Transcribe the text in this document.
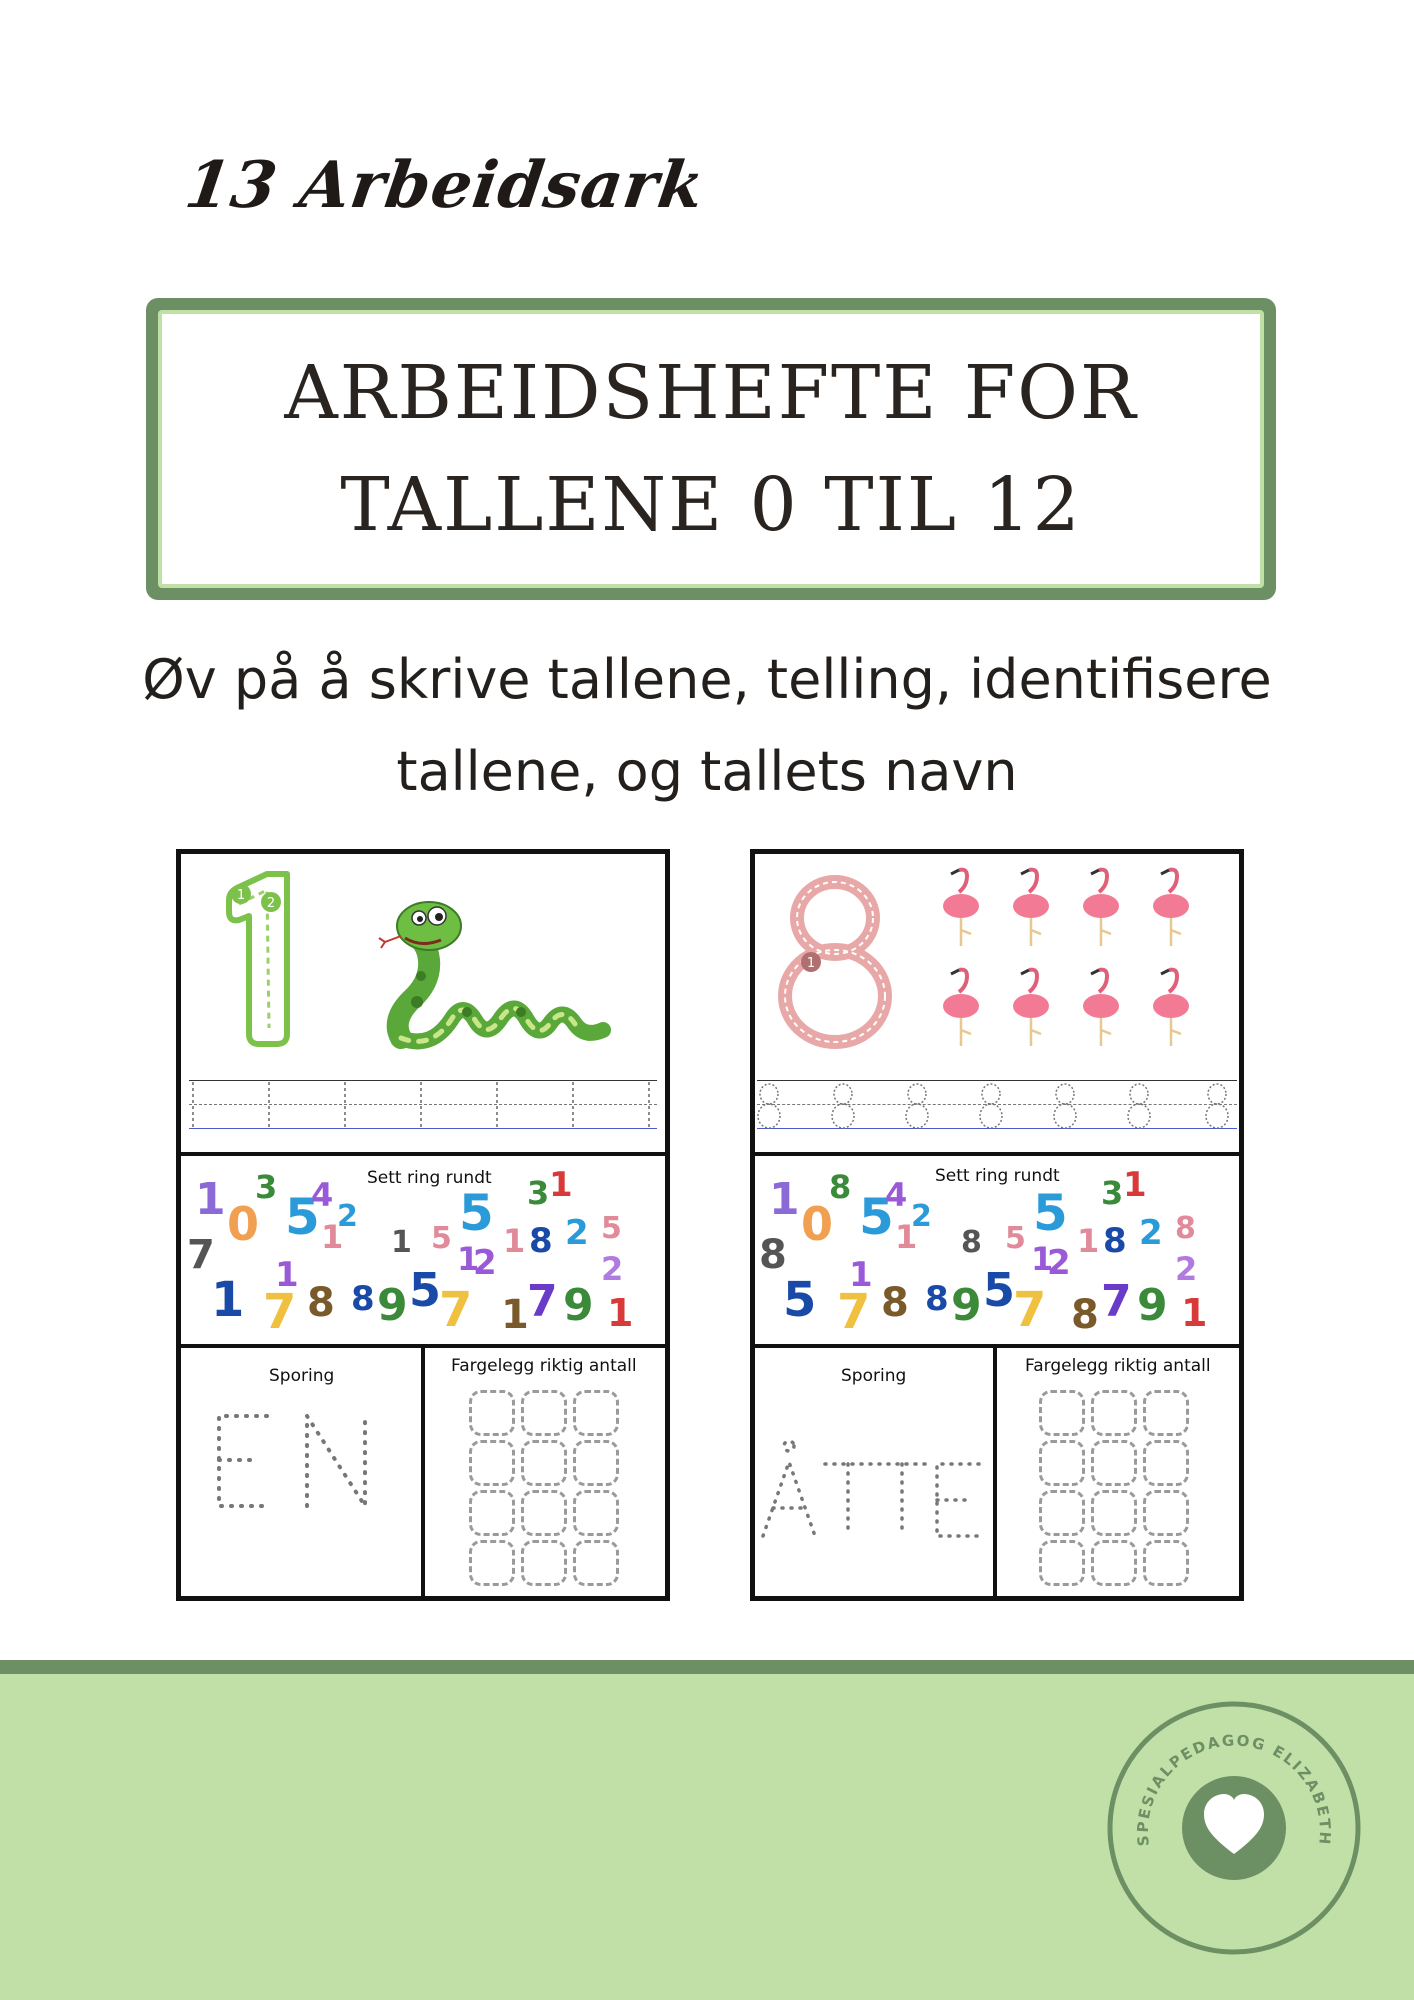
13 Arbeidsark
ARBEIDSHEFTE FOR
TALLENE 0 TIL 12
Øv på å skrive tallene, telling, identifisere
tallene, og tallets navn
1
2
Sett ring rundt
1 3
0 5
4
2
1 1 5 5 1 8
3 1
2 5
7
1 1
7 8 8 9 5
7
1
2
1
7 9
2
1
Sporing	Fargelegg riktig antall
1
Sett ring rundt
1 8
0 5
4
2
1 8 5 5 1 8
3 1
2 8
8
5 1
7 8 8 9 5
7
1
2
8 7 9
2
1
Sporing	Fargelegg riktig antall
SPESIALPEDAGOG ELIZABETH
